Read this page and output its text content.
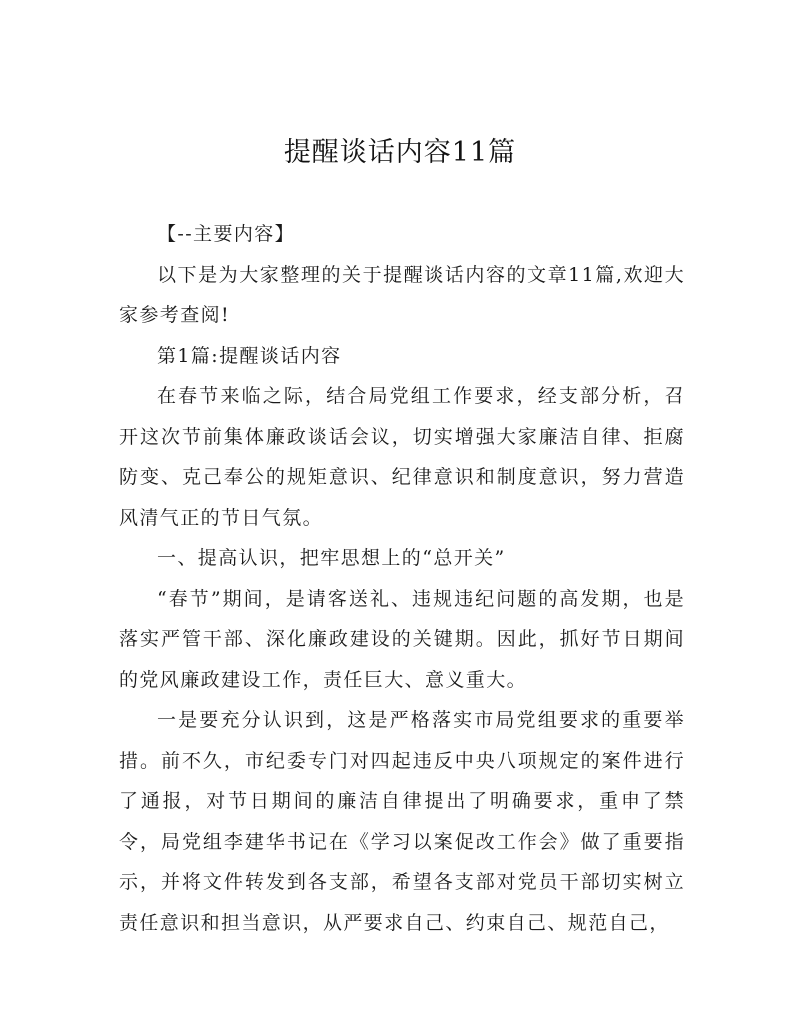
提醒谈话内容11篇

【--主要内容】

以下是为大家整理的关于提醒谈话内容的文章11篇,欢迎大家参考查阅!

第1篇:提醒谈话内容

在春节来临之际，结合局党组工作要求，经支部分析，召开这次节前集体廉政谈话会议，切实增强大家廉洁自律、拒腐防变、克己奉公的规矩意识、纪律意识和制度意识，努力营造风清气正的节日气氛。

一、提高认识，把牢思想上的“总开关”

“春节”期间，是请客送礼、违规违纪问题的高发期，也是落实严管干部、深化廉政建设的关键期。因此，抓好节日期间的党风廉政建设工作，责任巨大、意义重大。

一是要充分认识到，这是严格落实市局党组要求的重要举措。前不久，市纪委专门对四起违反中央八项规定的案件进行了通报，对节日期间的廉洁自律提出了明确要求，重申了禁令，局党组李建华书记在《学习以案促改工作会》做了重要指示，并将文件转发到各支部，希望各支部对党员干部切实树立责任意识和担当意识，从严要求自己、约束自己、规范自己，
